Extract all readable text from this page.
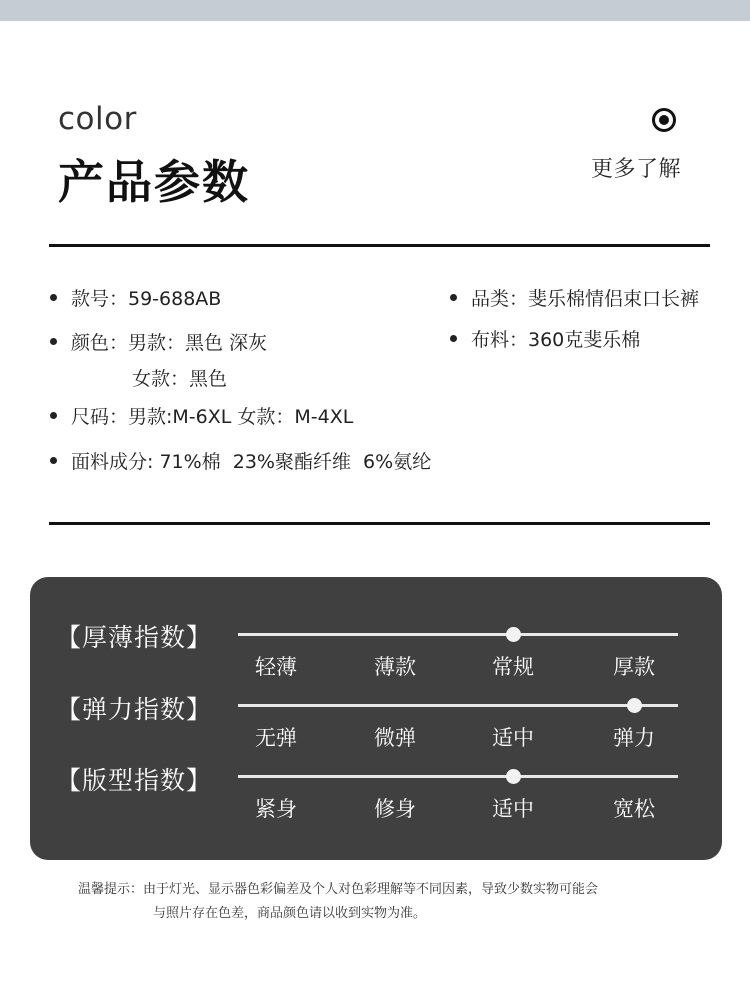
color
产品参数	更多了解
款号：59-688AB	品类：斐乐棉情侣束口长裤
颜色：男款：黑色 深灰	布料：360克斐乐棉
女款：黑色
尺码：男款:M-6XL 女款：M-4XL
面料成分: 71%棉  23%聚酯纤维  6%氨纶
【厚薄指数】
轻薄	薄款	常规	厚款
【弹力指数】
无弹	微弹	适中	弹力
【版型指数】
紧身	修身	适中	宽松
温馨提示：由于灯光、显示器色彩偏差及个人对色彩理解等不同因素，导致少数实物可能会
与照片存在色差，商品颜色请以收到实物为准。
